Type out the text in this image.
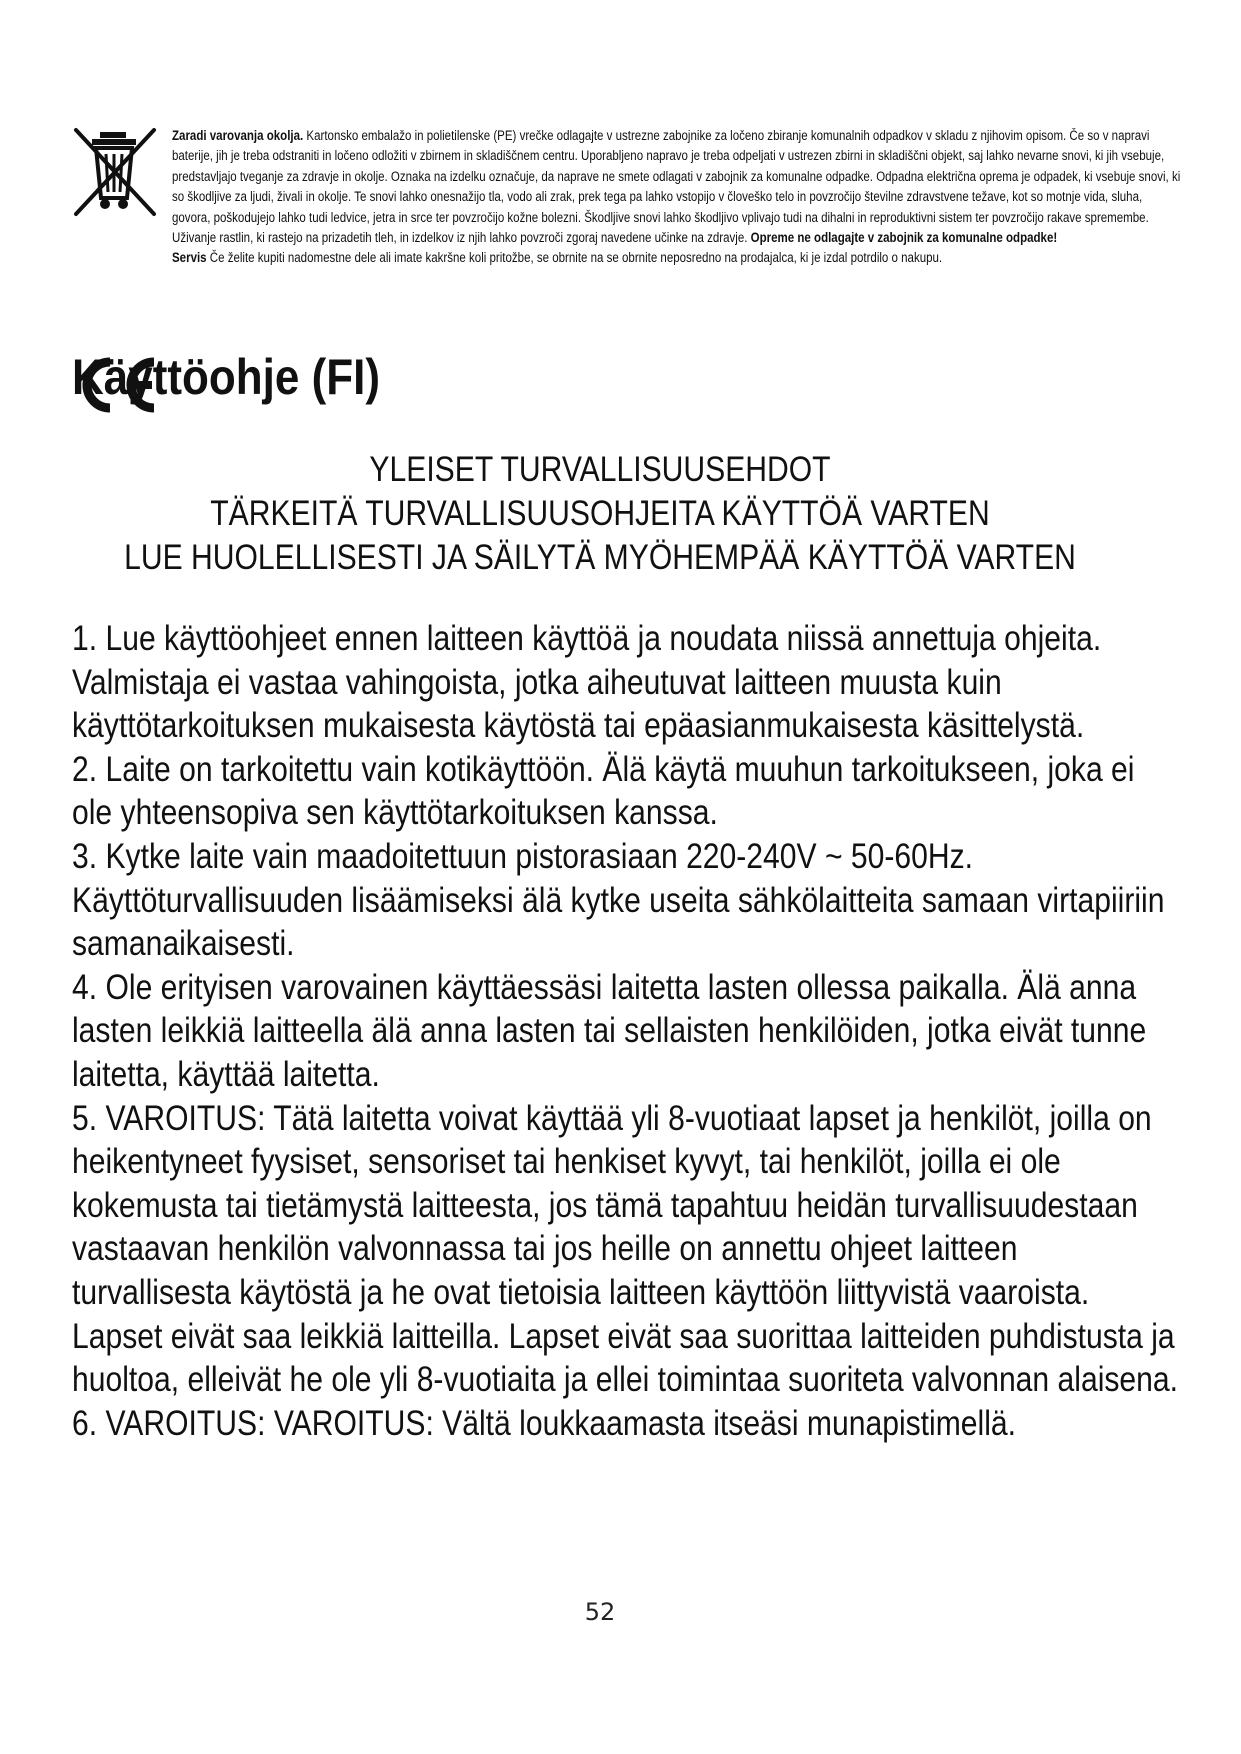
Zaradi varovanja okolja. Kartonsko embalažo in polietilenske (PE) vrečke odlagajte v ustrezne zabojnike za ločeno zbiranje komunalnih odpadkov v skladu z njihovim opisom. Če so v napravi baterije, jih je treba odstraniti in ločeno odložiti v zbirnem in skladiščnem centru. Uporabljeno napravo je treba odpeljati v ustrezen zbirni in skladiščni objekt, saj lahko nevarne snovi, ki jih vsebuje, predstavljajo tveganje za zdravje in okolje. Oznaka na izdelku označuje, da naprave ne smete odlagati v zabojnik za komunalne odpadke. Odpadna električna oprema je odpadek, ki vsebuje snovi, ki so škodljive za ljudi, živali in okolje. Te snovi lahko onesnažijo tla, vodo ali zrak, prek tega pa lahko vstopijo v človeško telo in povzročijo številne zdravstvene težave, kot so motnje vida, sluha, govora, poškodujejo lahko tudi ledvice, jetra in srce ter povzročijo kožne bolezni. Škodljive snovi lahko škodljivo vplivajo tudi na dihalni in reproduktivni sistem ter povzročijo rakave spremembe. Uživanje rastlin, ki rastejo na prizadetih tleh, in izdelkov iz njih lahko povzroči zgoraj navedene učinke na zdravje. Opreme ne odlagajte v zabojnik za komunalne odpadke!

Servis Če želite kupiti nadomestne dele ali imate kakršne koli pritožbe, se obrnite na se obrnite neposredno na prodajalca, ki je izdal potrdilo o nakupu.

Käyttöohje (FI)
YLEISET TURVALLISUUSEHDOT
TÄRKEITÄ TURVALLISUUSOHJEITA KÄYTTÖÄ VARTEN
LUE HUOLELLISESTI JA SÄILYTÄ MYÖHEMPÄÄ KÄYTTÖÄ VARTEN

1. Lue käyttöohjeet ennen laitteen käyttöä ja noudata niissä annettuja ohjeita. Valmistaja ei vastaa vahingoista, jotka aiheutuvat laitteen muusta kuin käyttötarkoituksen mukaisesta käytöstä tai epäasianmukaisesta käsittelystä.

2. Laite on tarkoitettu vain kotikäyttöön. Älä käytä muuhun tarkoitukseen, joka ei ole yhteensopiva sen käyttötarkoituksen kanssa.

3. Kytke laite vain maadoitettuun pistorasiaan 220-240V ~ 50-60Hz. Käyttöturvallisuuden lisäämiseksi älä kytke useita sähkölaitteita samaan virtapiiriin samanaikaisesti.

4. Ole erityisen varovainen käyttäessäsi laitetta lasten ollessa paikalla. Älä anna lasten leikkiä laitteella älä anna lasten tai sellaisten henkilöiden, jotka eivät tunne laitetta, käyttää laitetta.

5. VAROITUS: Tätä laitetta voivat käyttää yli 8-vuotiaat lapset ja henkilöt, joilla on heikentyneet fyysiset, sensoriset tai henkiset kyvyt, tai henkilöt, joilla ei ole kokemusta tai tietämystä laitteesta, jos tämä tapahtuu heidän turvallisuudestaan vastaavan henkilön valvonnassa tai jos heille on annettu ohjeet laitteen turvallisesta käytöstä ja he ovat tietoisia laitteen käyttöön liittyvistä vaaroista. Lapset eivät saa leikkiä laitteilla. Lapset eivät saa suorittaa laitteiden puhdistusta ja huoltoa, elleivät he ole yli 8-vuotiaita ja ellei toimintaa suoriteta valvonnan alaisena.

6. VAROITUS: VAROITUS: Vältä loukkaamasta itseäsi munapistimellä.

52
